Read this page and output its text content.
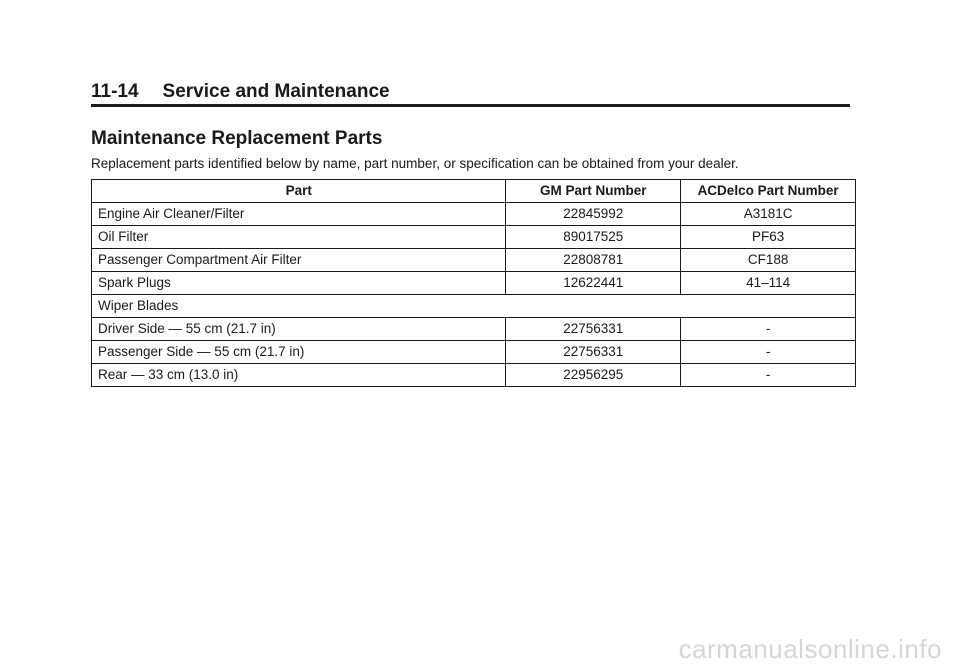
11-14 Service and Maintenance
Maintenance Replacement Parts

Replacement parts identified below by name, part number, or specification can be obtained from your dealer.

Part	GM Part Number	ACDelco Part Number
Engine Air Cleaner/Filter	22845992	A3181C
Oil Filter	89017525	PF63
Passenger Compartment Air Filter	22808781	CF188
Spark Plugs	12622441	41–114
Wiper Blades		
Driver Side — 55 cm (21.7 in)	22756331	-
Passenger Side — 55 cm (21.7 in)	22756331	-
Rear — 33 cm (13.0 in)	22956295	-
carmanualsonline.info
